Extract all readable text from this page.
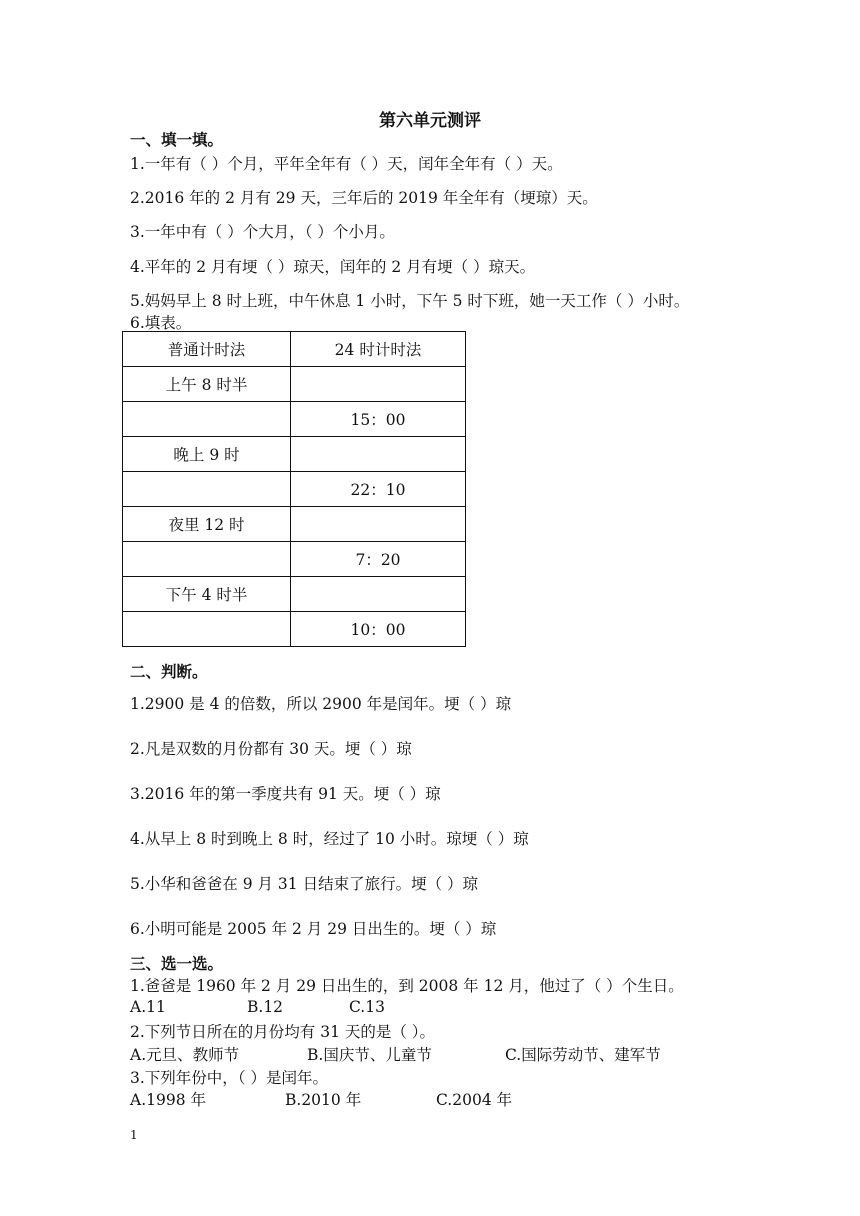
第六单元测评
一、填一填。
1.一年有（ ）个月，平年全年有（ ）天，闰年全年有（ ）天。
2.2016 年的 2 月有 29 天，三年后的 2019 年全年有（埂琼）天。
3.一年中有（ ）个大月，（ ）个小月。
4.平年的 2 月有埂（ ）琼天，闰年的 2 月有埂（ ）琼天。
5.妈妈早上 8 时上班，中午休息 1 小时，下午 5 时下班，她一天工作（ ）小时。
6.填表。
普通计时法	24 时计时法
上午 8 时半	
	15：00
晚上 9 时	
	22：10
夜里 12 时	
	7：20
下午 4 时半	
	10：00
二、判断。
1.2900 是 4 的倍数，所以 2900 年是闰年。埂（ ）琼
2.凡是双数的月份都有 30 天。埂（ ）琼
3.2016 年的第一季度共有 91 天。埂（ ）琼
4.从早上 8 时到晚上 8 时，经过了 10 小时。琼埂（ ）琼
5.小华和爸爸在 9 月 31 日结束了旅行。埂（ ）琼
6.小明可能是 2005 年 2 月 29 日出生的。埂（ ）琼
三、选一选。
1.爸爸是 1960 年 2 月 29 日出生的，到 2008 年 12 月，他过了（ ）个生日。
A.11	B.12	C.13
2.下列节日所在的月份均有 31 天的是（ ）。
A.元旦、教师节	B.国庆节、儿童节	C.国际劳动节、建军节
3.下列年份中，（ ）是闰年。
A.1998 年	B.2010 年	C.2004 年
1
